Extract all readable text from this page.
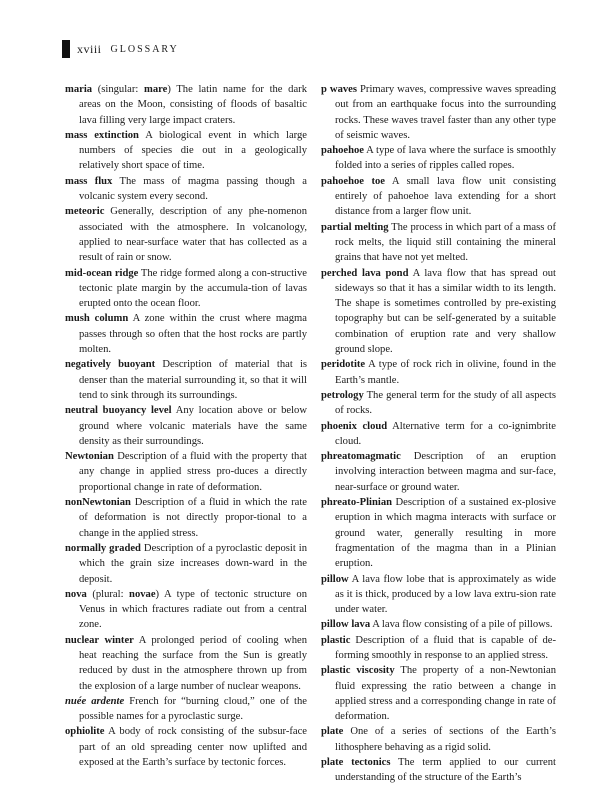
xviii GLOSSARY

maria (singular: mare) The latin name for the dark areas on the Moon, consisting of floods of basaltic lava filling very large impact craters.

mass extinction A biological event in which large numbers of species die out in a geologically relatively short space of time.

mass flux The mass of magma passing though a volcanic system every second.

meteoric Generally, description of any phe-nomenon associated with the atmosphere. In volcanology, applied to near-surface water that has collected as a result of rain or snow.

mid-ocean ridge The ridge formed along a con-structive tectonic plate margin by the accumula-tion of lavas erupted onto the ocean floor.

mush column A zone within the crust where magma passes through so often that the host rocks are partly molten.

negatively buoyant Description of material that is denser than the material surrounding it, so that it will tend to sink through its surroundings.

neutral buoyancy level Any location above or below ground where volcanic materials have the same density as their surroundings.

Newtonian Description of a fluid with the property that any change in applied stress pro-duces a directly proportional change in rate of deformation.

nonNewtonian Description of a fluid in which the rate of deformation is not directly propor-tional to a change in the applied stress.

normally graded Description of a pyroclastic deposit in which the grain size increases down-ward in the deposit.

nova (plural: novae) A type of tectonic structure on Venus in which fractures radiate out from a central zone.

nuclear winter A prolonged period of cooling when heat reaching the surface from the Sun is greatly reduced by dust in the atmosphere thrown up from the explosion of a large number of nuclear weapons.

nuée ardente French for “burning cloud,” one of the possible names for a pyroclastic surge.

ophiolite A body of rock consisting of the subsur-face part of an old spreading center now uplifted and exposed at the Earth’s surface by tectonic forces.

p waves Primary waves, compressive waves spreading out from an earthquake focus into the surrounding rocks. These waves travel faster than any other type of seismic waves.

pahoehoe A type of lava where the surface is smoothly folded into a series of ripples called ropes.

pahoehoe toe A small lava flow unit consisting entirely of pahoehoe lava extending for a short distance from a larger flow unit.

partial melting The process in which part of a mass of rock melts, the liquid still containing the mineral grains that have not yet melted.

perched lava pond A lava flow that has spread out sideways so that it has a similar width to its length. The shape is sometimes controlled by pre-existing topography but can be self-generated by a suitable combination of eruption rate and very shallow ground slope.

peridotite A type of rock rich in olivine, found in the Earth’s mantle.

petrology The general term for the study of all aspects of rocks.

phoenix cloud Alternative term for a co-ignimbrite cloud.

phreatomagmatic Description of an eruption involving interaction between magma and sur-face, near-surface or ground water.

phreato-Plinian Description of a sustained ex-plosive eruption in which magma interacts with surface or ground water, generally resulting in more fragmentation of the magma than in a Plinian eruption.

pillow A lava flow lobe that is approximately as wide as it is thick, produced by a low lava extru-sion rate under water.

pillow lava A lava flow consisting of a pile of pillows.

plastic Description of a fluid that is capable of de-forming smoothly in response to an applied stress.

plastic viscosity The property of a non-Newtonian fluid expressing the ratio between a change in applied stress and a corresponding change in rate of deformation.

plate One of a series of sections of the Earth’s lithosphere behaving as a rigid solid.

plate tectonics The term applied to our current understanding of the structure of the Earth’s
